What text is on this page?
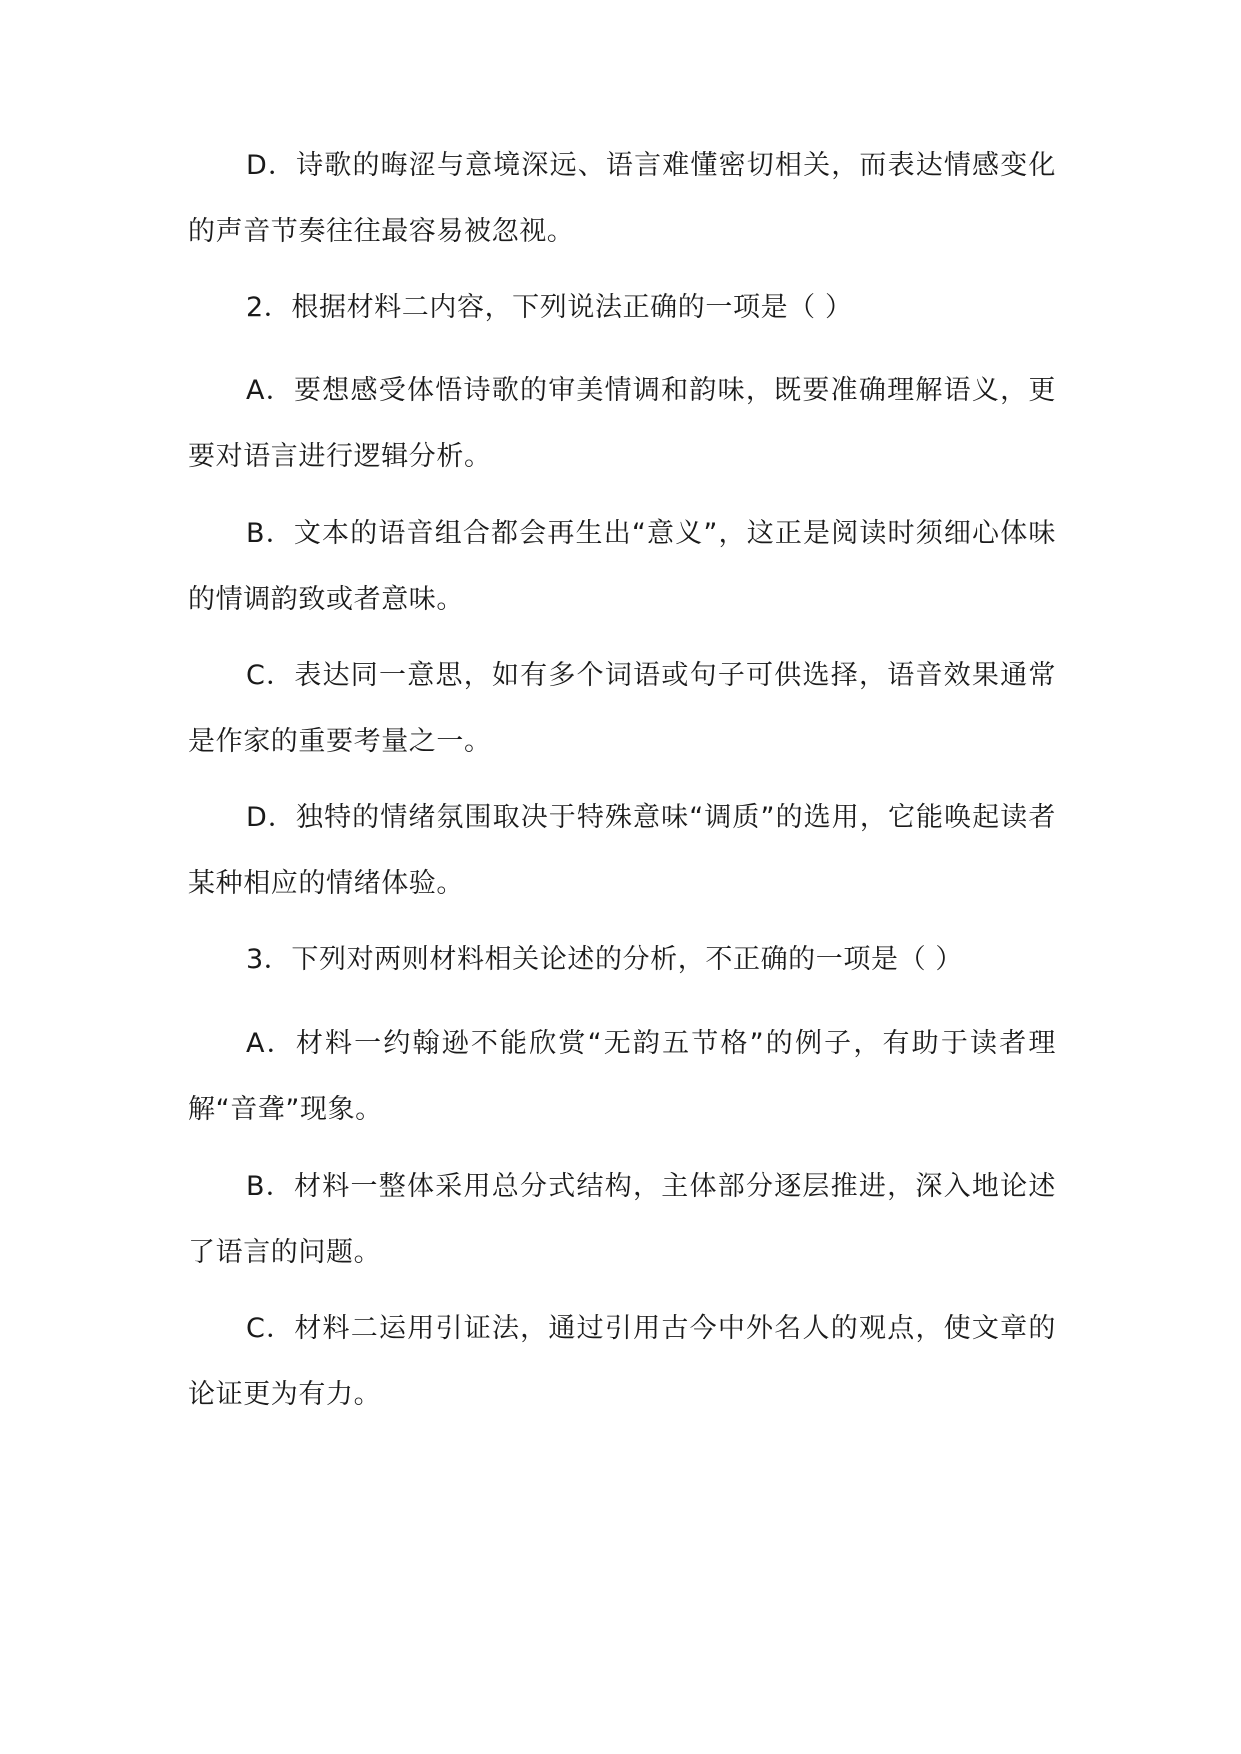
D．诗歌的晦涩与意境深远、语言难懂密切相关，而表达情感变化的声音节奏往往最容易被忽视。

2．根据材料二内容，下列说法正确的一项是（ ）

A．要想感受体悟诗歌的审美情调和韵味，既要准确理解语义，更要对语言进行逻辑分析。

B．文本的语音组合都会再生出“意义”，这正是阅读时须细心体味的情调韵致或者意味。

C．表达同一意思，如有多个词语或句子可供选择，语音效果通常是作家的重要考量之一。

D．独特的情绪氛围取决于特殊意味“调质”的选用，它能唤起读者某种相应的情绪体验。

3．下列对两则材料相关论述的分析，不正确的一项是（ ）

A．材料一约翰逊不能欣赏“无韵五节格”的例子，有助于读者理解“音聋”现象。

B．材料一整体采用总分式结构，主体部分逐层推进，深入地论述了语言的问题。

C．材料二运用引证法，通过引用古今中外名人的观点，使文章的论证更为有力。
